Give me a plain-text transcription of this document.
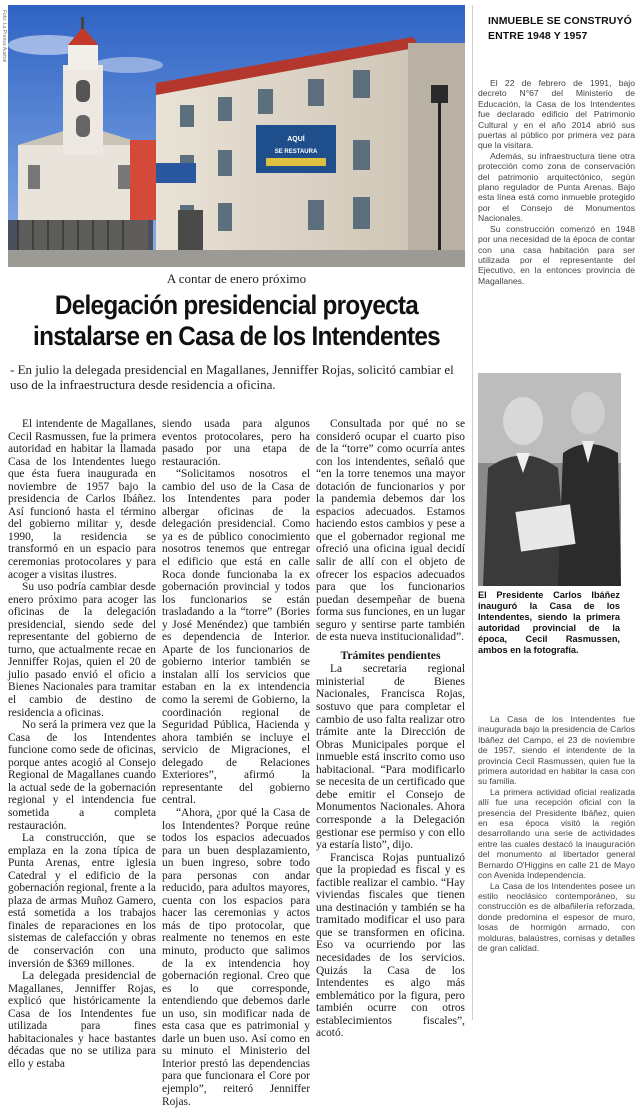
AQUÍ
SE RESTAURA
Foto: La Prensa Austral
A contar de enero próximo
Delegación presidencial proyecta instalarse en Casa de los Intendentes
- En julio la delegada presidencial en Magallanes, Jenniffer Rojas, solicitó cambiar el uso de la infraestructura desde residencia a oficina.

El intendente de Magallanes, Cecil Rasmussen, fue la primera autoridad en habitar la llamada Casa de los Intendentes luego que ésta fuera inaugurada en noviembre de 1957 bajo la presidencia de Carlos Ibáñez. Así funcionó hasta el término del gobierno militar y, desde 1990, la residencia se transformó en un espacio para ceremonias protocolares y para acoger a visitas ilustres.

Su uso podría cambiar desde enero próximo para acoger las oficinas de la delegación presidencial, siendo sede del representante del gobierno de turno, que actualmente recae en Jenniffer Rojas, quien el 20 de julio pasado envió el oficio a Bienes Nacionales para tramitar el cambio de destino de residencia a oficinas.

No será la primera vez que la Casa de los Intendentes funcione como sede de oficinas, porque antes acogió al Consejo Regional de Magallanes cuando la actual sede de la gobernación regional y el intendencia fue sometida a completa restauración.

La construcción, que se emplaza en la zona típica de Punta Arenas, entre iglesia Catedral y el edificio de la gobernación regional, frente a la plaza de armas Muñoz Gamero, está sometida a los trabajos finales de reparaciones en los sistemas de calefacción y obras de conservación con una inversión de $369 millones.

La delegada presidencial de Magallanes, Jenniffer Rojas, explicó que históricamente la Casa de los Intendentes fue utilizada para fines habitacionales y hace bastantes décadas que no se utiliza para ello y estaba

siendo usada para algunos eventos protocolares, pero ha pasado por una etapa de restauración.

“Solicitamos nosotros el cambio del uso de la Casa de los Intendentes para poder albergar oficinas de la delegación presidencial. Como ya es de público conocimiento nosotros tenemos que entregar el edificio que está en calle Roca donde funcionaba la ex gobernación provincial y todos los funcionarios se están trasladando a la “torre” (Bories y José Menéndez) que también es dependencia de Interior. Aparte de los funcionarios de gobierno interior también se instalan allí los servicios que estaban en la ex intendencia como la seremi de Gobierno, la coordinación regional de Seguridad Pública, Hacienda y ahora también se incluye el servicio de Migraciones, el delegado de Relaciones Exteriores”, afirmó la representante del gobierno central.

“Ahora, ¿por qué la Casa de los Intendentes? Porque reúne todos los espacios adecuados para un buen desplazamiento, un buen ingreso, sobre todo para personas con andar reducido, para adultos mayores, cuenta con los espacios para hacer las ceremonias y actos más de tipo protocolar, que realmente no tenemos en este minuto, producto que salimos de la ex intendencia hoy gobernación regional. Creo que es lo que corresponde, entendiendo que debemos darle un uso, sin modificar nada de esta casa que es patrimonial y darle un buen uso. Así como en su minuto el Ministerio del Interior prestó las dependencias para que funcionara el Core por ejemplo”, reiteró Jenniffer Rojas.

Consultada por qué no se consideró ocupar el cuarto piso de la “torre” como ocurría antes con los intendentes, señaló que “en la torre tenemos una mayor dotación de funcionarios y por la pandemia debemos dar los espacios adecuados. Estamos haciendo estos cambios y pese a que el gobernador regional me ofreció una oficina igual decidí salir de allí con el objeto de ofrecer los espacios adecuados para que los funcionarios puedan desempeñar de buena forma sus funciones, en un lugar seguro y sentirse parte también de esta nueva institucionalidad”.

Trámites pendientes

La secretaria regional ministerial de Bienes Nacionales, Francisca Rojas, sostuvo que para completar el cambio de uso falta realizar otro trámite ante la Dirección de Obras Municipales porque el inmueble está inscrito como uso habitacional. “Para modificarlo se necesita de un certificado que debe emitir el Consejo de Monumentos Nacionales. Ahora corresponde a la Delegación gestionar ese permiso y con ello ya estaría listo”, dijo.

Francisca Rojas puntualizó que la propiedad es fiscal y es factible realizar el cambio. “Hay viviendas fiscales que tienen una destinación y también se ha tramitado modificar el uso para que se transformen en oficina. Eso va ocurriendo por las necesidades de los servicios. Quizás la Casa de los Intendentes es algo más emblemático por la figura, pero también ocurre con otros establecimientos fiscales”, acotó.

INMUEBLE SE CONSTRUYÓ ENTRE 1948 Y 1957

El 22 de febrero de 1991, bajo decreto N°67 del Ministerio de Educación, la Casa de los Intendentes fue declarado edificio del Patrimonio Cultural y en el año 2014 abrió sus puertas al público por primera vez para que la visitara.

Además, su infraestructura tiene otra protección como zona de conservación del patrimonio arquitectónico, según plano regulador de Punta Arenas. Bajo esta línea está como inmueble protegido por el Consejo de Monumentos Nacionales.

Su construcción comenzó en 1948 por una necesidad de la época de contar con una casa habitación para ser utilizada por el representante del Ejecutivo, en la entonces provincia de Magallanes.

El Presidente Carlos Ibáñez inauguró la Casa de los Intendentes, siendo la primera autoridad provincial de la época, Cecil Rasmussen, ambos en la fotografía.

La Casa de los Intendentes fue inaugurada bajo la presidencia de Carlos Ibáñez del Campo, el 23 de noviembre de 1957, siendo el intendente de la provincia Cecil Rasmussen, quien fue la primera autoridad en habitar la casa con su familia.

La primera actividad oficial realizada allí fue una recepción oficial con la presencia del Presidente Ibáñez, quien en esa época visitó la región desarrollando una serie de actividades entre las cuales destacó la inauguración del monumento al libertador general Bernardo O'Higgins en calle 21 de Mayo con Avenida Independencia.

La Casa de los Intendentes posee un estilo neoclásico contemporáneo, su construcción es de albañilería reforzada, donde predomina el espesor de muro, losas de hormigón armado, con molduras, balaústres, cornisas y detalles de gran calidad.
